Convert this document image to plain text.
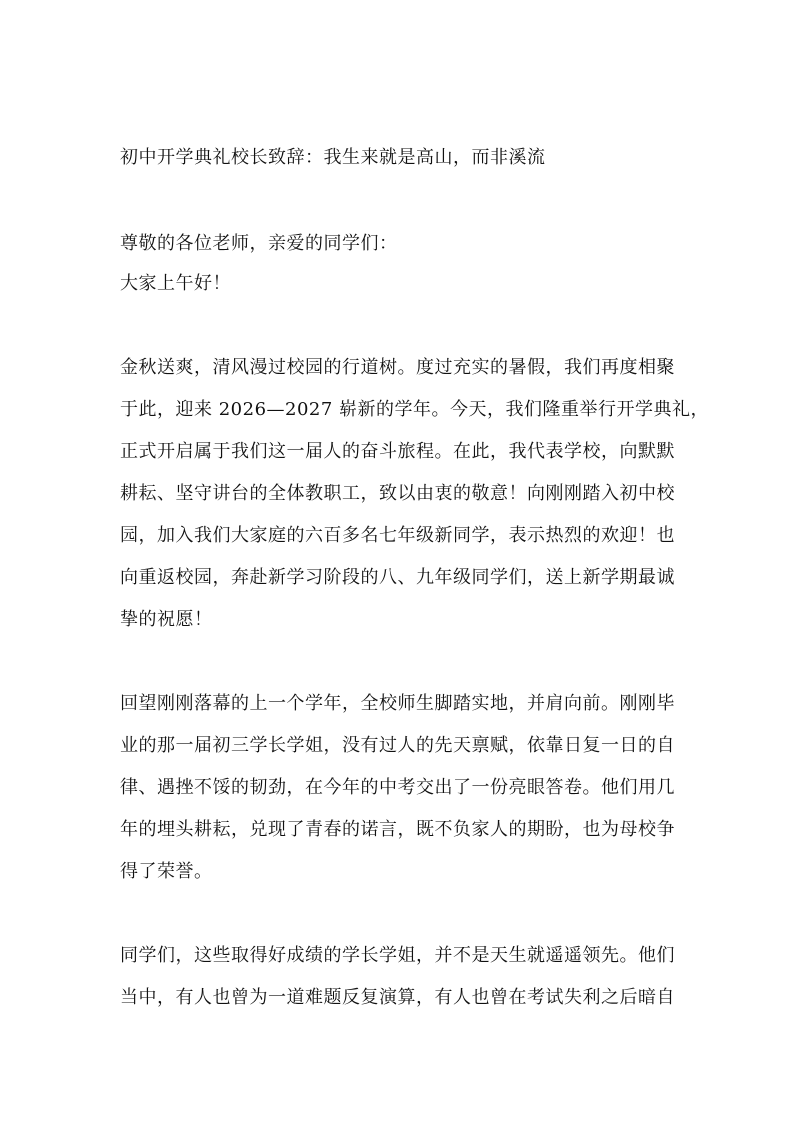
初中开学典礼校长致辞：我生来就是高山，而非溪流
尊敬的各位老师，亲爱的同学们：
大家上午好！
金秋送爽，清风漫过校园的行道树。度过充实的暑假，我们再度相聚
于此，迎来 2026—2027 崭新的学年。今天，我们隆重举行开学典礼，
正式开启属于我们这一届人的奋斗旅程。在此，我代表学校，向默默
耕耘、坚守讲台的全体教职工，致以由衷的敬意！向刚刚踏入初中校
园，加入我们大家庭的六百多名七年级新同学，表示热烈的欢迎！也
向重返校园，奔赴新学习阶段的八、九年级同学们，送上新学期最诚
挚的祝愿！
回望刚刚落幕的上一个学年，全校师生脚踏实地，并肩向前。刚刚毕
业的那一届初三学长学姐，没有过人的先天禀赋，依靠日复一日的自
律、遇挫不馁的韧劲，在今年的中考交出了一份亮眼答卷。他们用几
年的埋头耕耘，兑现了青春的诺言，既不负家人的期盼，也为母校争
得了荣誉。
同学们，这些取得好成绩的学长学姐，并不是天生就遥遥领先。他们
当中，有人也曾为一道难题反复演算，有人也曾在考试失利之后暗自
